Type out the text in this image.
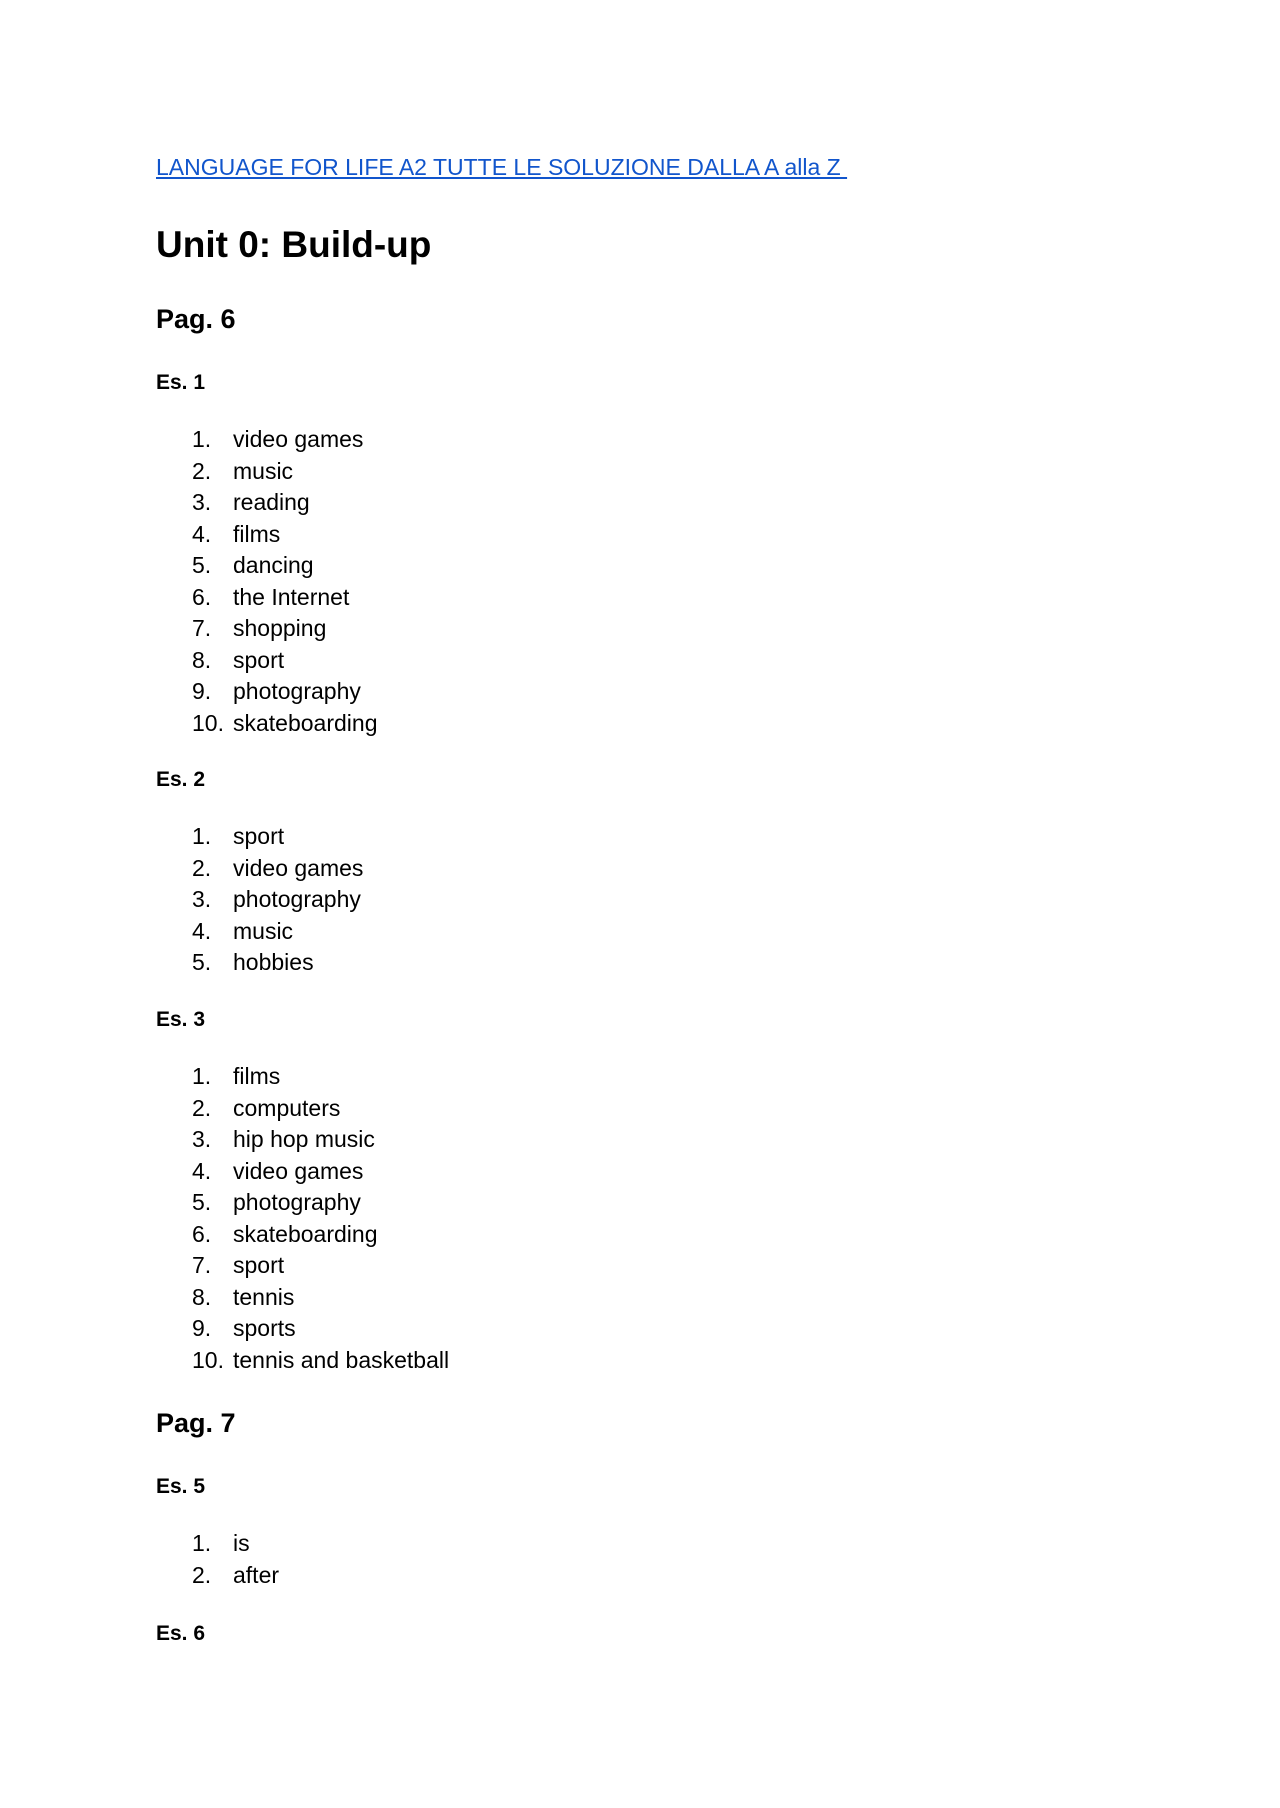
LANGUAGE FOR LIFE A2 TUTTE LE SOLUZIONE DALLA A alla Z
Unit 0: Build-up
Pag. 6
Es. 1
1. video games
2. music
3. reading
4. films
5. dancing
6. the Internet
7. shopping
8. sport
9. photography
10. skateboarding
Es. 2
1. sport
2. video games
3. photography
4. music
5. hobbies
Es. 3
1. films
2. computers
3. hip hop music
4. video games
5. photography
6. skateboarding
7. sport
8. tennis
9. sports
10. tennis and basketball
Pag. 7
Es. 5
1. is
2. after
Es. 6
